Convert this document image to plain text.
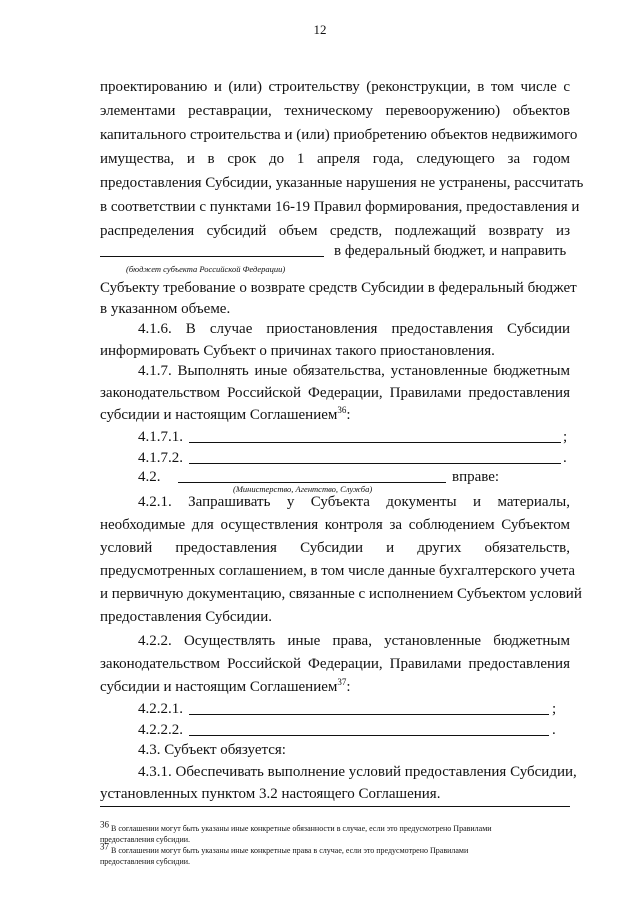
12
проектированию и (или) строительству (реконструкции, в том числе с
элементами реставрации, техническому перевооружению) объектов
капитального строительства и (или) приобретению объектов недвижимого
имущества, и в срок до 1 апреля года, следующего за годом
предоставления Субсидии, указанные нарушения не устранены, рассчитать
в соответствии с пунктами 16-19 Правил формирования, предоставления и
распределения субсидий объем средств, подлежащий возврату из
в федеральный бюджет, и направить
(бюджет субъекта Российской Федерации)
Субъекту требование о возврате средств Субсидии в федеральный бюджет
в указанном объеме.
4.1.6. В случае приостановления предоставления Субсидии
информировать Субъект о причинах такого приостановления.
4.1.7. Выполнять иные обязательства, установленные бюджетным
законодательством Российской Федерации, Правилами предоставления
субсидии и настоящим Соглашением$^{36}$:
4.1.7.1.	;
4.1.7.2.	.
4.2.	вправе:
(Министерство, Агентство, Служба)
4.2.1. Запрашивать у Субъекта документы и материалы,
необходимые для осуществления контроля за соблюдением Субъектом
условий предоставления Субсидии и других обязательств,
предусмотренных соглашением, в том числе данные бухгалтерского учета
и первичную документацию, связанные с исполнением Субъектом условий
предоставления Субсидии.
4.2.2. Осуществлять иные права, установленные бюджетным
законодательством Российской Федерации, Правилами предоставления
субсидии и настоящим Соглашением$^{37}$:
4.2.2.1.	;
4.2.2.2.	.
4.3. Субъект обязуется:
4.3.1. Обеспечивать выполнение условий предоставления Субсидии,
установленных пунктом 3.2 настоящего Соглашения.
$^{36}$ В соглашении могут быть указаны иные конкретные обязанности в случае, если это предусмотрено Правилами
предоставления субсидии.
$^{37}$ В соглашении могут быть указаны иные конкретные права в случае, если это предусмотрено Правилами
предоставления субсидии.
